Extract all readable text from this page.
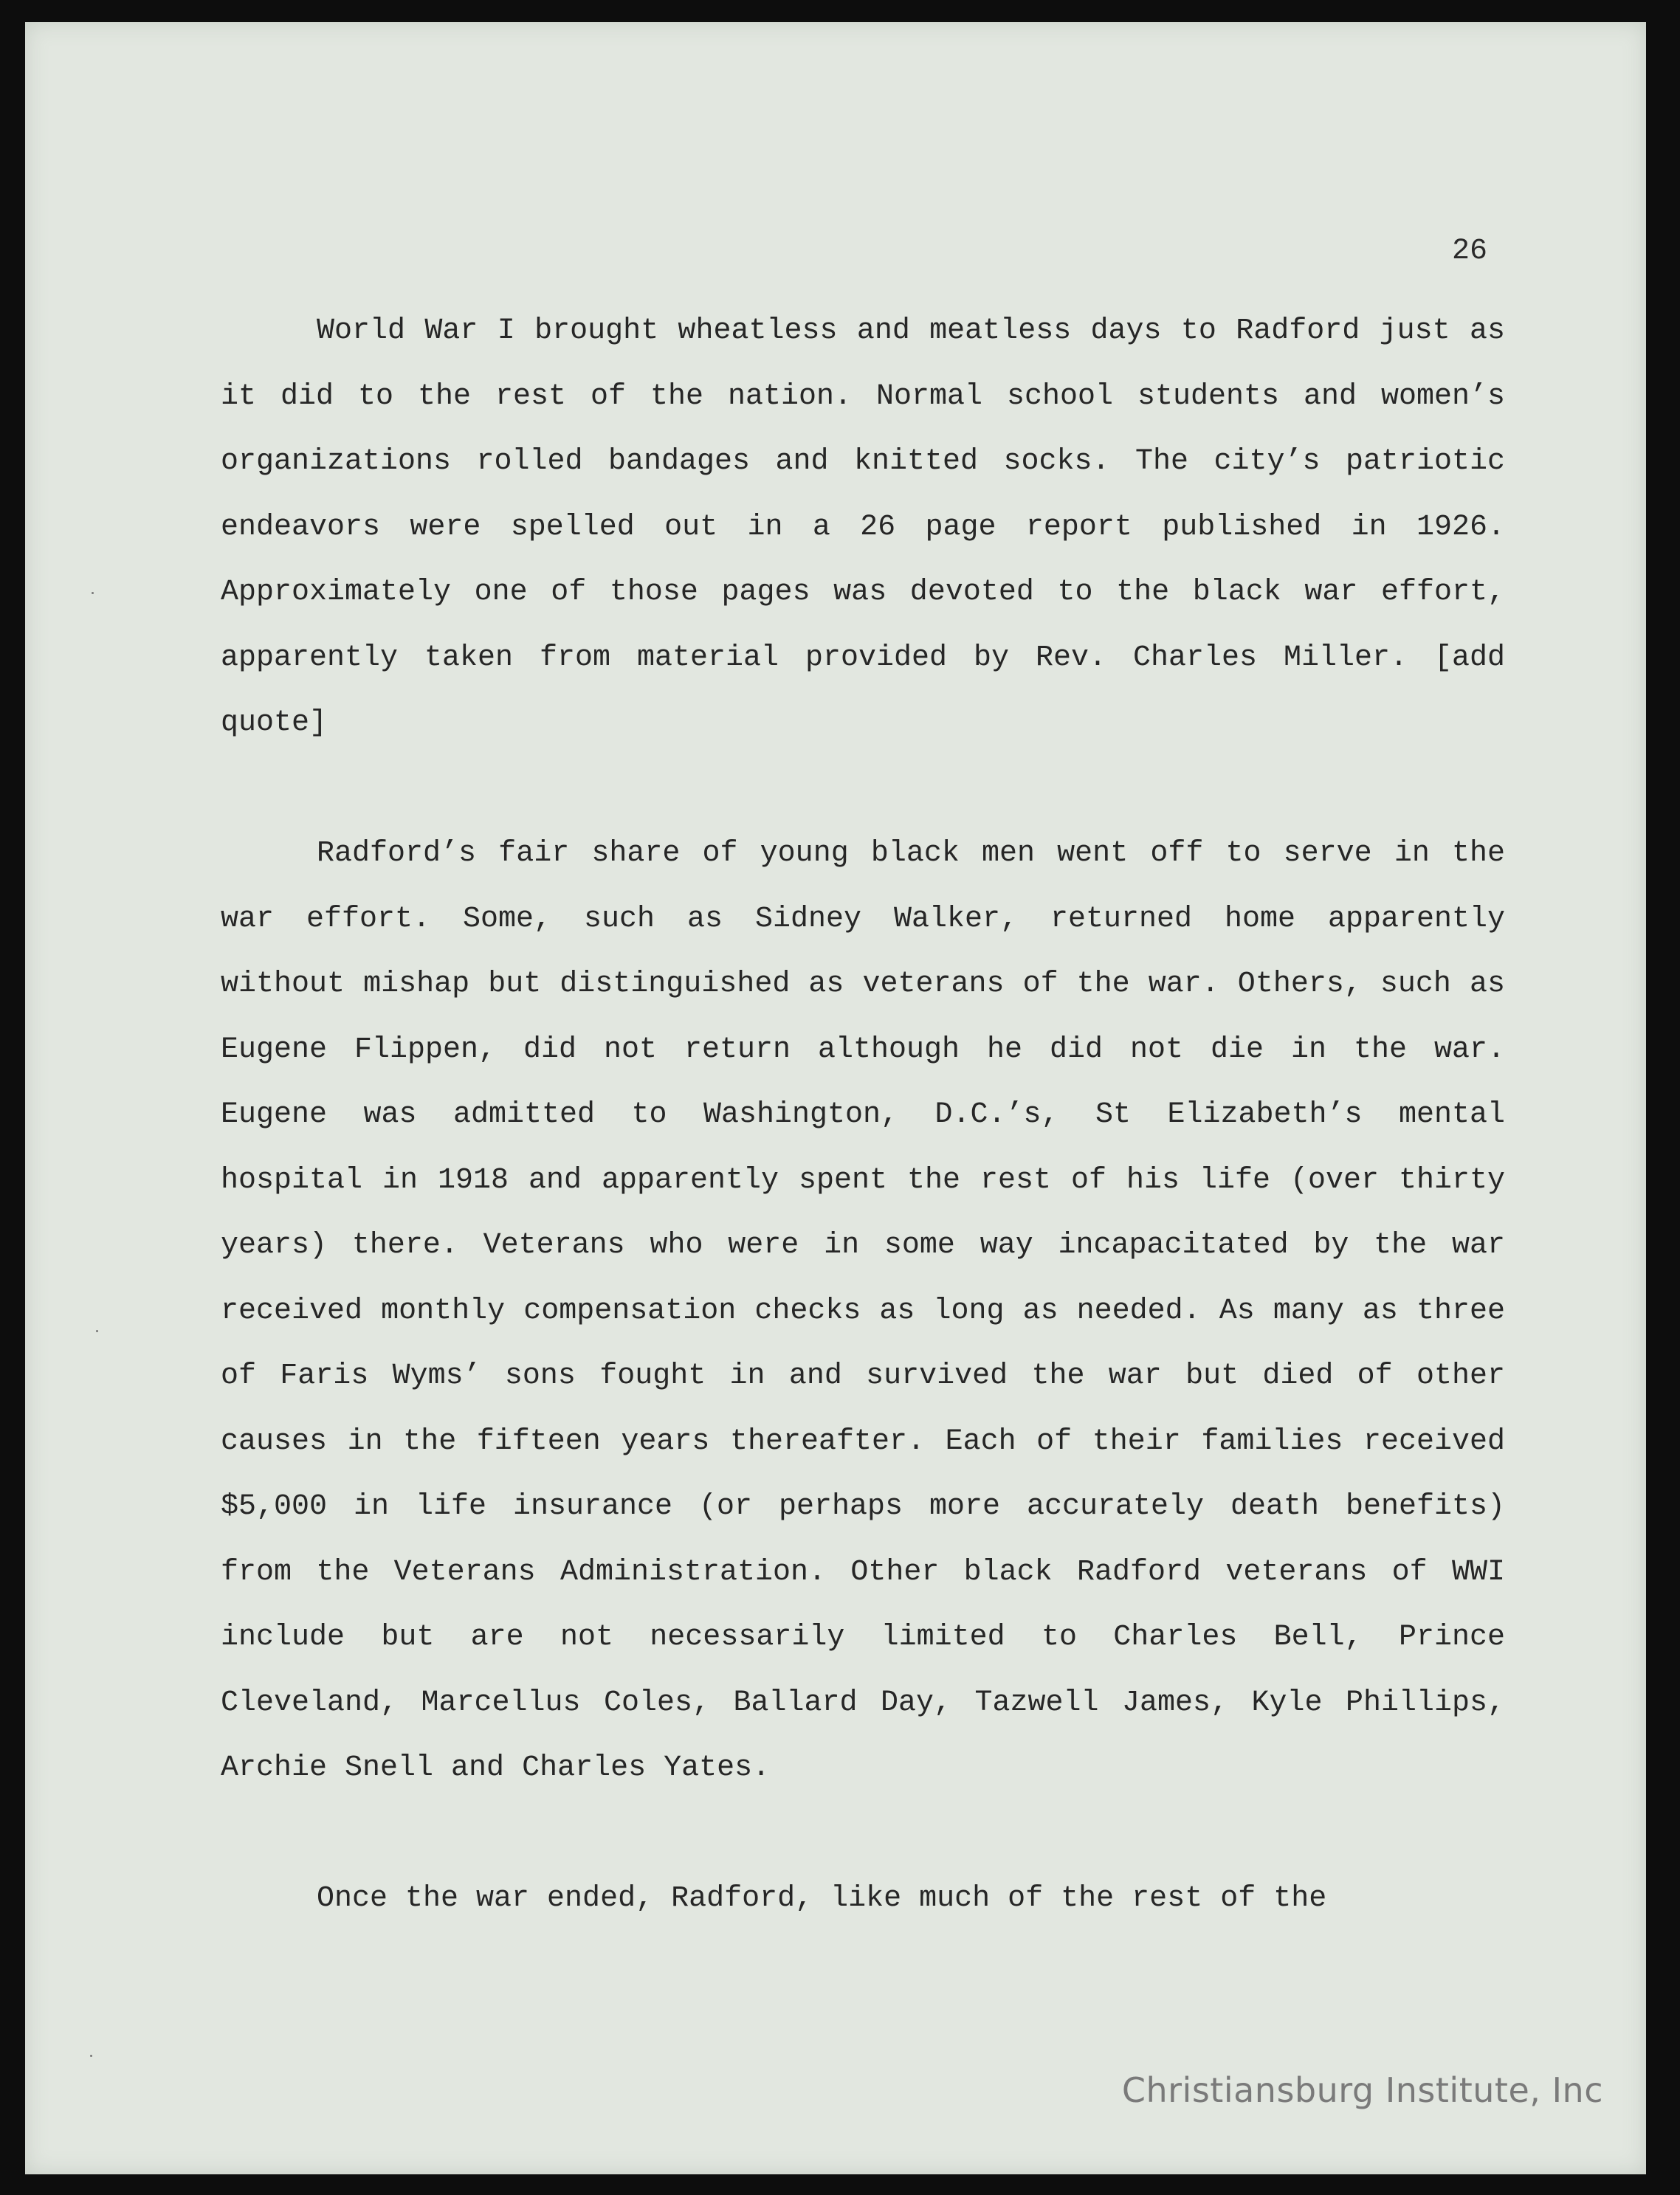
26

World War I brought wheatless and meatless days to Radford just as it did to the rest of the nation. Normal school students and women’s organizations rolled bandages and knitted socks. The city’s patriotic endeavors were spelled out in a 26 page report published in 1926. Approximately one of those pages was devoted to the black war effort, apparently taken from material provided by Rev. Charles Miller. [add quote]

Radford’s fair share of young black men went off to serve in the war effort. Some, such as Sidney Walker, returned home apparently without mishap but distinguished as veterans of the war. Others, such as Eugene Flippen, did not return although he did not die in the war. Eugene was admitted to Washington, D.C.’s, St Elizabeth’s mental hospital in 1918 and apparently spent the rest of his life (over thirty years) there. Veterans who were in some way incapacitated by the war received monthly compensation checks as long as needed. As many as three of Faris Wyms’ sons fought in and survived the war but died of other causes in the fifteen years thereafter. Each of their families received $5,000 in life insurance (or perhaps more accurately death benefits) from the Veterans Administration. Other black Radford veterans of WWI include but are not necessarily limited to Charles Bell, Prince Cleveland, Marcellus Coles, Ballard Day, Tazwell James, Kyle Phillips, Archie Snell and Charles Yates.

Once the war ended, Radford, like much of the rest of the

Christiansburg Institute, Inc
